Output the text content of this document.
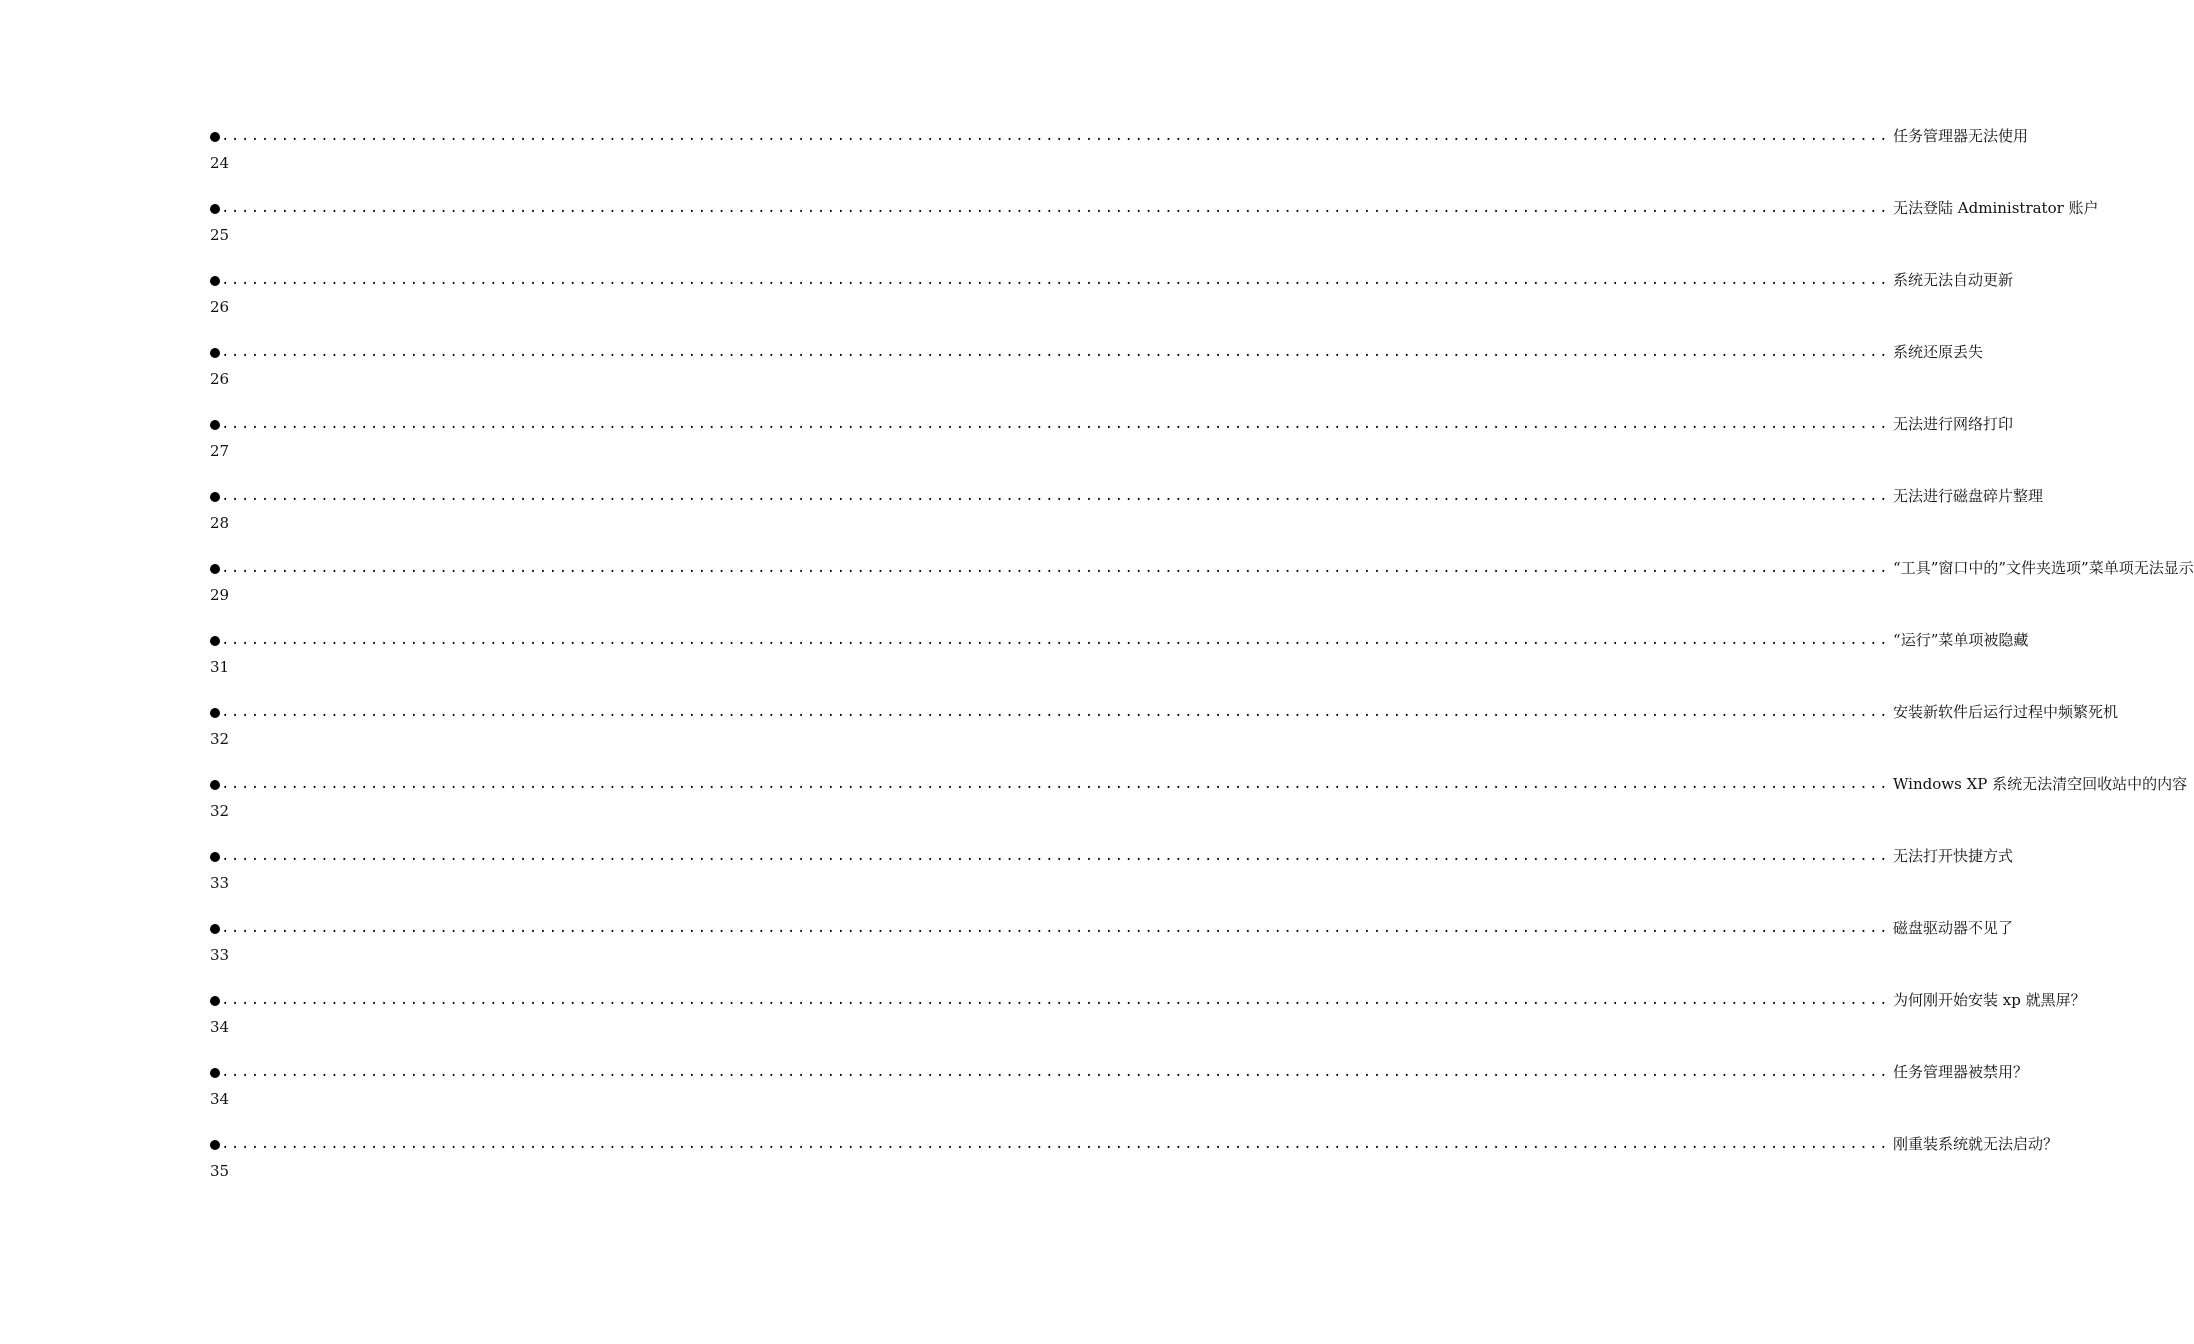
........................................................................................................................................................................ 任务管理器无法使用
24
........................................................................................................................................................................ 无法登陆 Administrator 账户
25
........................................................................................................................................................................ 系统无法自动更新
26
........................................................................................................................................................................ 系统还原丢失
26
........................................................................................................................................................................ 无法进行网络打印
27
........................................................................................................................................................................ 无法进行磁盘碎片整理
28
........................................................................................................................................................................ “工具”窗口中的”文件夹选项”菜单项无法显示
29
........................................................................................................................................................................ “运行”菜单项被隐藏
31
........................................................................................................................................................................ 安装新软件后运行过程中频繁死机
32
........................................................................................................................................................................ Windows XP 系统无法清空回收站中的内容
32
........................................................................................................................................................................ 无法打开快捷方式
33
........................................................................................................................................................................ 磁盘驱动器不见了
33
........................................................................................................................................................................ 为何刚开始安装 xp 就黑屏？
34
........................................................................................................................................................................ 任务管理器被禁用？
34
........................................................................................................................................................................ 刚重装系统就无法启动？
35
